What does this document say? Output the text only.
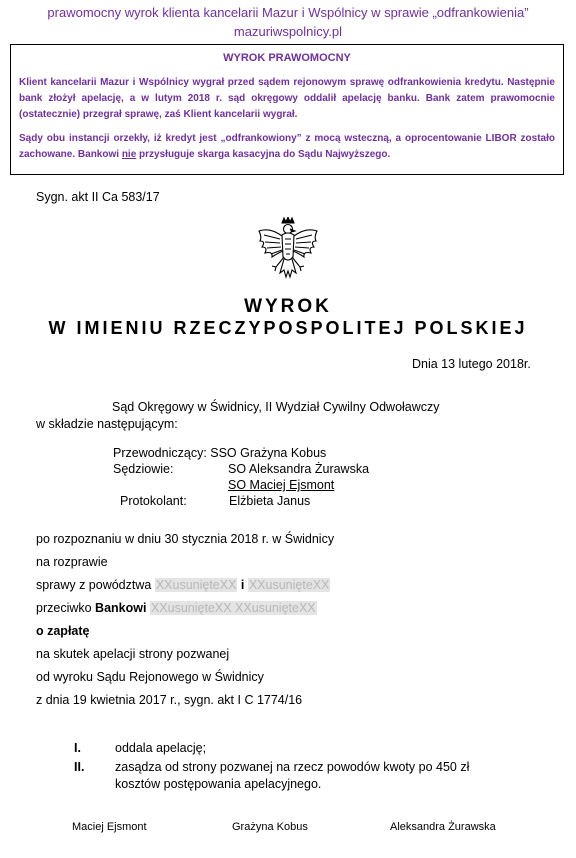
prawomocny wyrok klienta kancelarii Mazur i Wspólnicy w sprawie „odfrankowienia”
mazuriwspolnicy.pl
WYROK PRAWOMOCNY
Klient kancelarii Mazur i Wspólnicy wygrał przed sądem rejonowym sprawę odfrankowienia kredytu. Następnie bank złożył apelację, a w lutym 2018 r. sąd okręgowy oddalił apelację banku. Bank zatem prawomocnie (ostatecznie) przegrał sprawę, zaś Klient kancelarii wygrał.
Sądy obu instancji orzekły, iż kredyt jest „odfrankowiony” z mocą wsteczną, a oprocentowanie LIBOR zostało zachowane. Bankowi nie przysługuje skarga kasacyjna do Sądu Najwyższego.
Sygn. akt II Ca 583/17
WYROK
W IMIENIU RZECZYPOSPOLITEJ POLSKIEJ
Dnia 13 lutego 2018r.
Sąd Okręgowy w Świdnicy, II Wydział Cywilny Odwoławczy
w składzie następującym:
Przewodniczący: SSO Grażyna Kobus
Sędziowie:	SO Aleksandra Żurawska
SO Maciej Ejsmont
Protokolant:	Elżbieta Janus
po rozpoznaniu w dniu 30 stycznia 2018 r. w Świdnicy
na rozprawie
sprawy z powództwa XXusunięteXX i XXusunięteXX
przeciwko Bankowi XXusunięteXX XXusunięteXX
o zapłatę
na skutek apelacji strony pozwanej
od wyroku Sądu Rejonowego w Świdnicy
z dnia 19 kwietnia 2017 r., sygn. akt I C 1774/16
I.	oddala apelację;
II. zasądza od strony pozwanej na rzecz powodów kwoty po 450 zł
kosztów postępowania apelacyjnego.
Maciej Ejsmont	Grażyna Kobus	Aleksandra Żurawska
